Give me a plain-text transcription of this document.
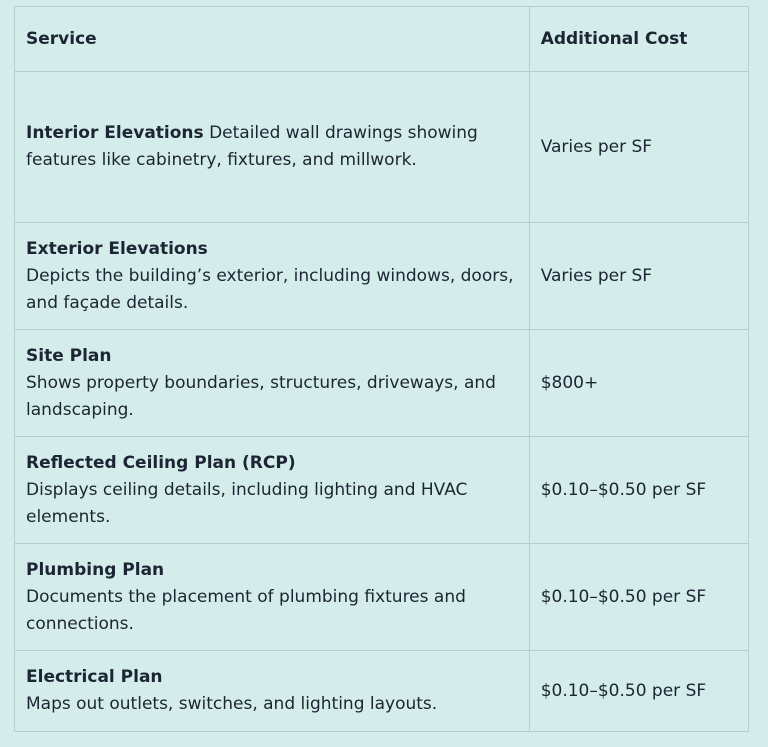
Service	Additional Cost
Interior Elevations Detailed wall drawings showing features like cabinetry, fixtures, and millwork.	Varies per SF

Exterior Elevations
Depicts the building’s exterior, including windows, doors, and façade details.	Varies per SF

Site Plan
Shows property boundaries, structures, driveways, and landscaping.	$800+

Reflected Ceiling Plan (RCP)
Displays ceiling details, including lighting and HVAC elements.	$0.10–$0.50 per SF

Plumbing Plan
Documents the placement of plumbing fixtures and connections.	$0.10–$0.50 per SF

Electrical Plan
Maps out outlets, switches, and lighting layouts.	$0.10–$0.50 per SF
